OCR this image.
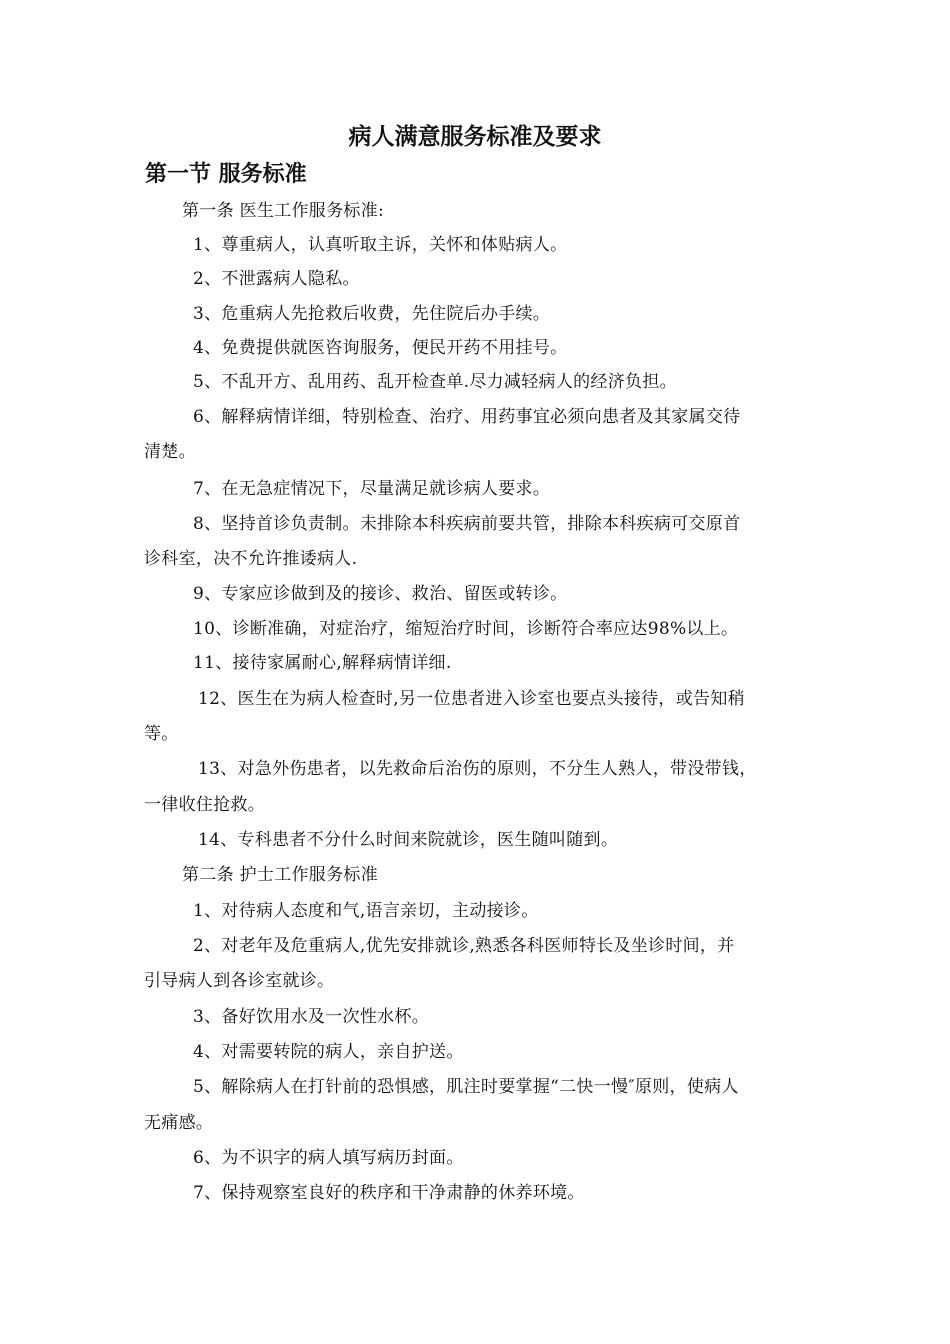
病人满意服务标准及要求
第一节 服务标准
第一条 医生工作服务标准:
1、尊重病人，认真听取主诉，关怀和体贴病人。
2、不泄露病人隐私。
3、危重病人先抢救后收费，先住院后办手续。
4、免费提供就医咨询服务，便民开药不用挂号。
5、不乱开方、乱用药、乱开检查单.尽力减轻病人的经济负担。
6、解释病情详细，特别检查、治疗、用药事宜必须向患者及其家属交待
清楚。
7、在无急症情况下，尽量满足就诊病人要求。
8、坚持首诊负责制。未排除本科疾病前要共管，排除本科疾病可交原首
诊科室，决不允许推诿病人.
9、专家应诊做到及的接诊、救治、留医或转诊。
10、诊断准确，对症治疗，缩短治疗时间，诊断符合率应达98%以上。
11、接待家属耐心,解释病情详细.
12、医生在为病人检查时,另一位患者进入诊室也要点头接待，或告知稍
等。
13、对急外伤患者，以先救命后治伤的原则，不分生人熟人，带没带钱，
一律收住抢救。
14、专科患者不分什么时间来院就诊，医生随叫随到。
第二条 护士工作服务标准
1、对待病人态度和气,语言亲切，主动接诊。
2、对老年及危重病人,优先安排就诊,熟悉各科医师特长及坐诊时间，并
引导病人到各诊室就诊。
3、备好饮用水及一次性水杯。
4、对需要转院的病人，亲自护送。
5、解除病人在打针前的恐惧感，肌注时要掌握“二快一慢″原则，使病人
无痛感。
6、为不识字的病人填写病历封面。
7、保持观察室良好的秩序和干净肃静的休养环境。
